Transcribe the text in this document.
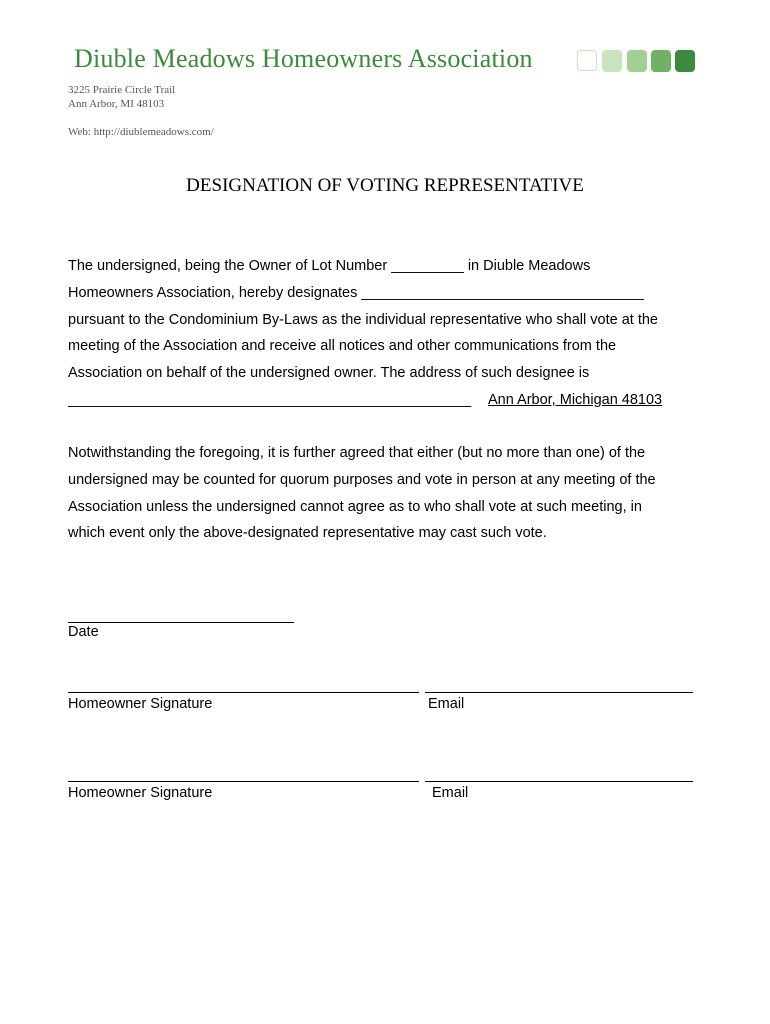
Diuble Meadows Homeowners Association
3225 Prairie Circle Trail
Ann Arbor, MI 48103
Web: http://diublemeadows.com/
DESIGNATION OF VOTING REPRESENTATIVE
The undersigned, being the Owner of Lot Number _________ in Diuble Meadows
Homeowners Association, hereby designates ___________________________________
pursuant to the Condominium By-Laws as the individual representative who shall vote at the
meeting of the Association and receive all notices and other communications from the
Association on behalf of the undersigned owner. The address of such designee is
__________________________________________________ Ann Arbor, Michigan 48103
Notwithstanding the foregoing, it is further agreed that either (but no more than one) of the
undersigned may be counted for quorum purposes and vote in person at any meeting of the
Association unless the undersigned cannot agree as to who shall vote at such meeting, in
which event only the above-designated representative may cast such vote.
Date
Homeowner Signature	Email
Homeowner Signature	Email
